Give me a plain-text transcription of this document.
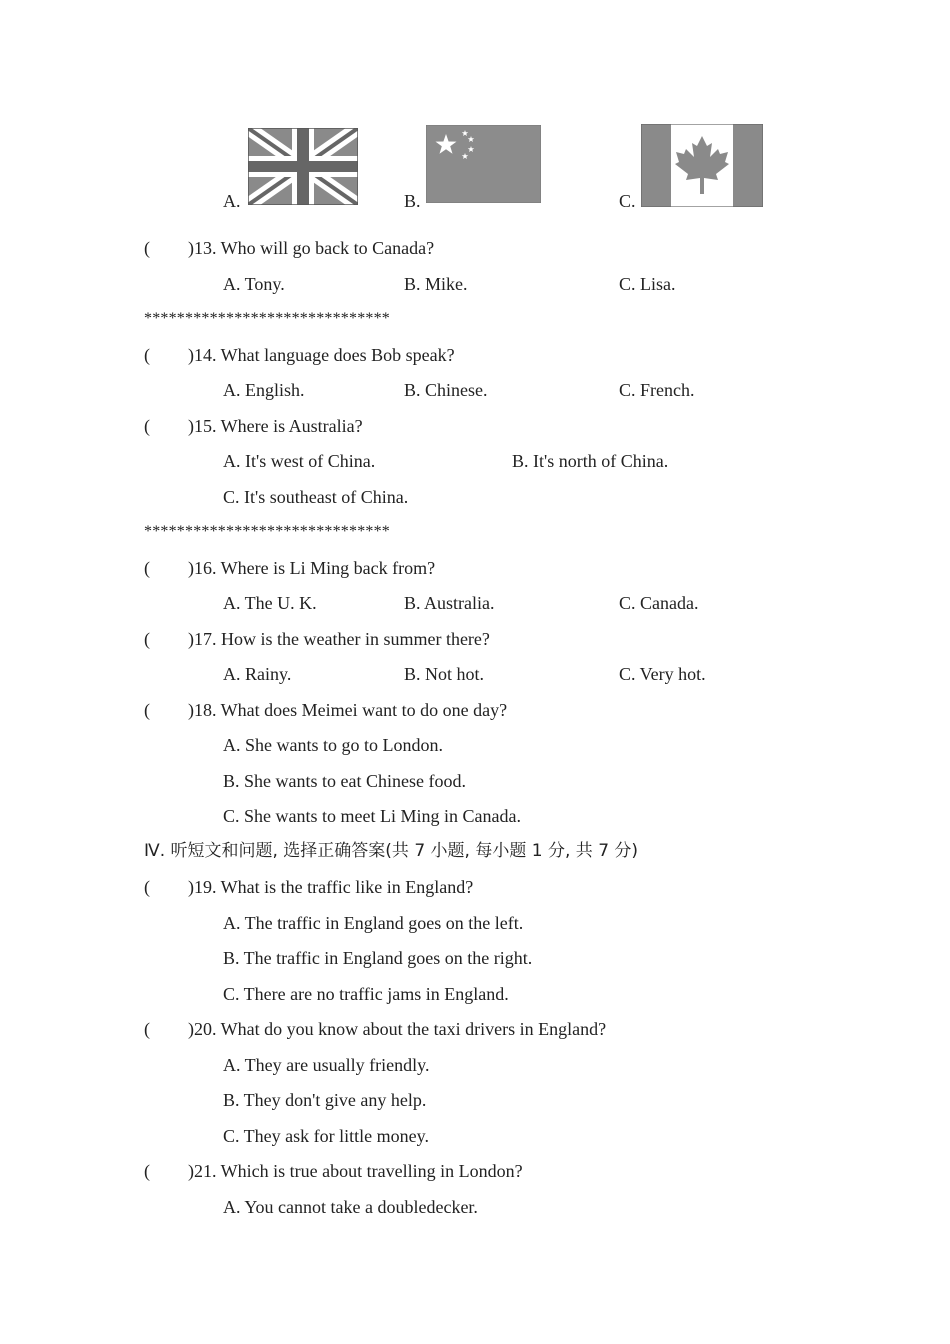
A.	B.	C.
( )13. Who will go back to Canada?
A. Tony.	B. Mike.	C. Lisa.
******************************
( )14. What language does Bob speak?
A. English.	B. Chinese.	C. French.
( )15. Where is Australia?
A. It's west of China.	B. It's north of China.
C. It's southeast of China.
******************************
( )16. Where is Li Ming back from?
A. The U. K.	B. Australia.	C. Canada.
( )17. How is the weather in summer there?
A. Rainy.	B. Not hot.	C. Very hot.
( )18. What does Meimei want to do one day?
A. She wants to go to London.
B. She wants to eat Chinese food.
C. She wants to meet Li Ming in Canada.
Ⅳ. 听短文和问题, 选择正确答案(共 7 小题, 每小题 1 分, 共 7 分)
( )19. What is the traffic like in England?
A. The traffic in England goes on the left.
B. The traffic in England goes on the right.
C. There are no traffic jams in England.
( )20. What do you know about the taxi drivers in England?
A. They are usually friendly.
B. They don't give any help.
C. They ask for little money.
( )21. Which is true about travelling in London?
A. You cannot take a doubledecker.
